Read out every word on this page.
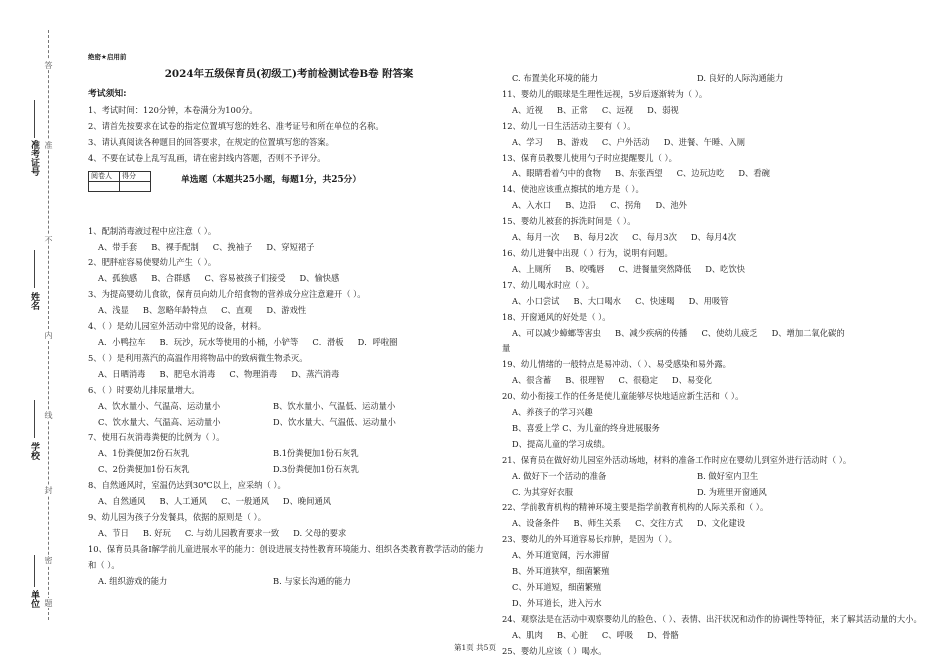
准考证号
姓名
学校
单位
答
准
不
内
线
封
密
题
绝密★启用前
2024年五级保育员(初级工)考前检测试卷B卷 附答案
考试须知:
1、考试时间：120分钟，本卷满分为100分。
2、请首先按要求在试卷的指定位置填写您的姓名、准考证号和所在单位的名称。
3、请认真阅读各种题目的回答要求，在规定的位置填写您的答案。
4、不要在试卷上乱写乱画，请在密封线内答题，否则不予评分。
阅卷人	得分
		单选题（本题共25小题，每题1分，共25分）
1、配制消毒液过程中应注意（ ）。
A、带手套 B、裸手配制 C、挽袖子 D、穿短裙子
2、肥胖症容易使婴幼儿产生（ ）。
A、孤独感 B、合群感 C、容易被孩子们接受 D、愉快感
3、为提高婴幼儿食欲，保育员向幼儿介绍食物的营养成分应注意避开（ ）。
A、浅显 B、忽略年龄特点 C、直观 D、游戏性
4、（ ）是幼儿园室外活动中常见的设备，材料。
A．小鸭拉车 B．玩沙，玩水等使用的小桶，小铲等 C．滑板 D．呼啦圈
5、（ ）是利用蒸汽的高温作用将物品中的致病微生物杀灭。
A、日晒消毒 B、肥皂水消毒 C、物理消毒 D、蒸汽消毒
6、（ ）时要幼儿排尿量增大。
A、饮水量小、气温高、运动量小	B、饮水量小、气温低、运动量小
C、饮水量大、气温高、运动量小	D、饮水量大、气温低、运动量小
7、使用石灰消毒粪便的比例为（ ）。
A、1份粪便加2份石灰乳	B.1份粪便加1份石灰乳
C、2份粪便加1份石灰乳	D.3份粪便加1份石灰乳
8、自然通风时，室温仍达到30℃以上，应采纳（ ）。
A、自然通风 B、人工通风 C、一般通风 D、晚间通风
9、幼儿园为孩子分发餐具，依据的原则是（ ）。
A、节日 B. 好玩 C. 与幼儿园教育要求一致 D. 父母的要求
10、保育员具备I解学前儿童进展水平的能力：创设进展支持性教育环境能力、组织各类教育教学活动的能力和（ ）。
A. 组织游戏的能力	B. 与家长沟通的能力
C. 布置美化环境的能力	D. 良好的人际沟通能力
11、婴幼儿的眼球是生理性远视，5岁后逐渐转为（ ）。
A、近视 B、正常 C、远视 D、弱视
12、幼儿一日生活活动主要有（ ）。
A、学习 B、游戏 C、户外活动 D、进餐、午睡、入厕
13、保育员教婴儿使用勺子时应提醒婴儿（ ）。
A、眼睛看着勺中的食物 B、东张西望 C、边玩边吃 D、看碗
14、使池应该重点擦拭的地方是（ ）。
A、入水口 B、边沿 C、拐角 D、池外
15、婴幼儿被套的拆洗时间是（ ）。
A、每月一次 B、每月2次 C、每月3次 D、每月4次
16、幼儿进餐中出现（ ）行为，说明有问题。
A、上厕所 B、咬嘴唇 C、进餐量突然降低 D、吃饮快
17、幼儿喝水时应（ ）。
A、小口尝试 B、大口喝水 C、快速喝 D、用吸管
18、开窗通风的好处是（ ）。
A、可以减少蟑螂等害虫 B、减少疾病的传播 C、使幼儿疲乏 D、增加二氧化碳的
量
19、幼儿情绪的一般特点是易冲动、（ ）、易受感染和易外露。
A、很含蓄 B、很理智 C、很稳定 D、易变化
20、幼小衔接工作的任务是使儿童能够尽快地适应新生活和（ ）。
A、养孩子的学习兴趣
B、喜爱上学 C、为儿童的终身进展服务
D、提高儿童的学习成绩。
21、保育员在做好幼儿园室外活动场地，材料的准备工作时应在婴幼儿到室外进行活动时（ ）。
A. 做好下一个活动的准备	B. 做好室内卫生
C. 为其穿好衣服	D. 为班里开窗通风
22、学前教育机构的精神环境主要是指学前教育机构的人际关系和（ ）。
A、设备条件 B、师生关系 C、交往方式 D、文化建设
23、婴幼儿的外耳道容易长疖肿，是因为（ ）。
A、外耳道宽阔，污水滞留
B、外耳道狭窄，细菌繁殖
C、外耳道短，细菌繁殖
D、外耳道长，进入污水
24、观察法是在活动中观察婴幼儿的脸色、（ ）、表情、出汗状况和动作的协调性等特征，来了解其活动量的大小。
A、肌肉 B、心脏 C、呼吸 D、骨骼
25、婴幼儿应该（ ）喝水。
第1页 共5页
